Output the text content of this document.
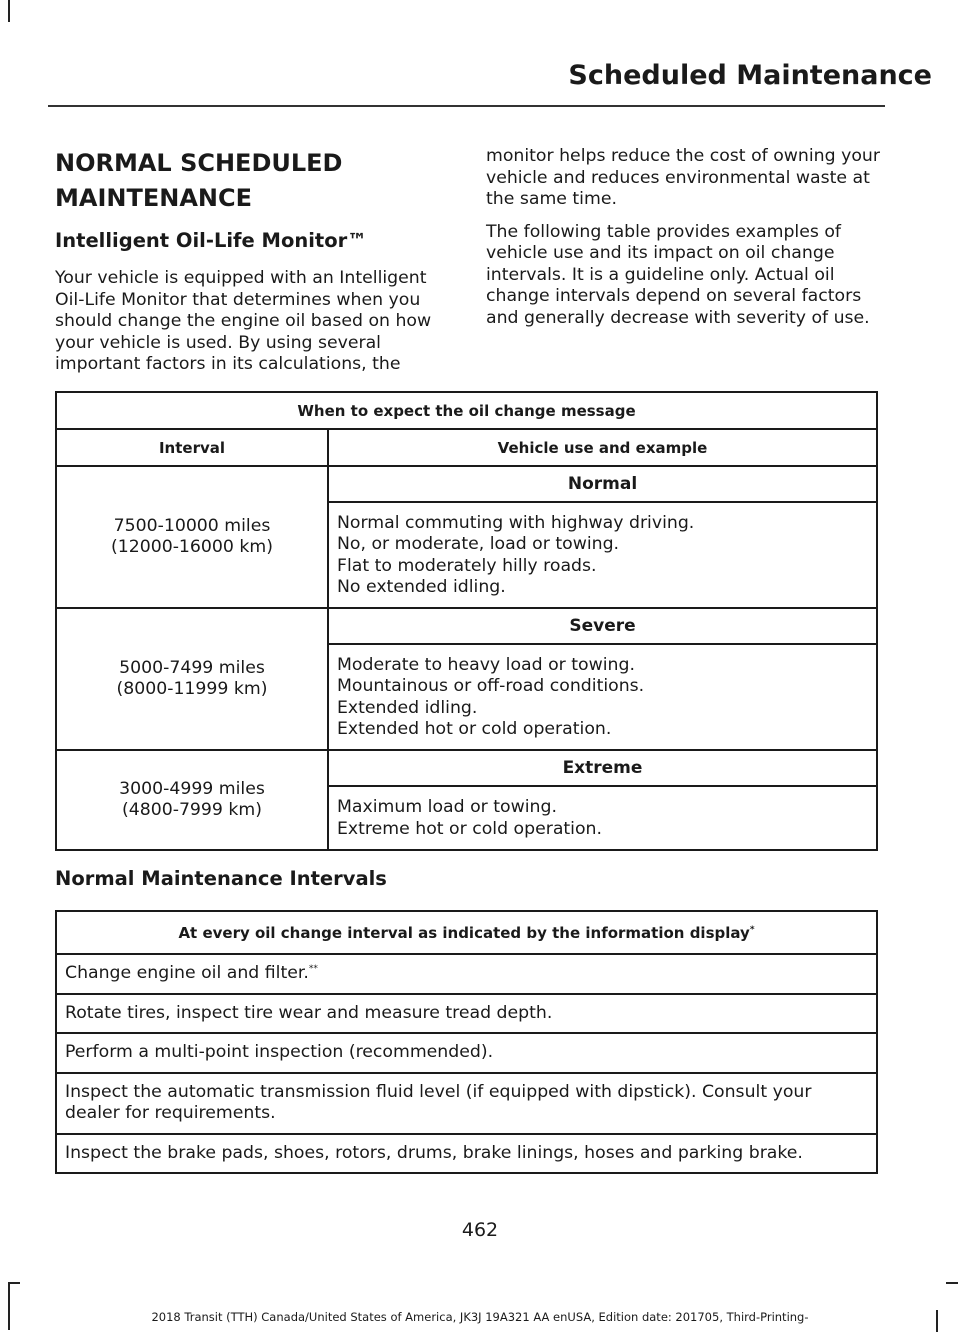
Scheduled Maintenance
NORMAL SCHEDULED
MAINTENANCE
Intelligent Oil-Life Monitor™

Your vehicle is equipped with an Intelligent Oil-Life Monitor that determines when you should change the engine oil based on how your vehicle is used. By using several important factors in its calculations, the

monitor helps reduce the cost of owning your vehicle and reduces environmental waste at the same time.

The following table provides examples of vehicle use and its impact on oil change intervals. It is a guideline only. Actual oil change intervals depend on several factors and generally decrease with severity of use.

When to expect the oil change message	
Interval	Vehicle use and example

7500-10000 miles
(12000-16000 km)	Normal

	Normal commuting with highway driving.
No, or moderate, load or towing.
Flat to moderately hilly roads.
No extended idling.

5000-7499 miles
(8000-11999 km)	Severe

	Moderate to heavy load or towing.
Mountainous or off-road conditions.
Extended idling.
Extended hot or cold operation.

3000-4999 miles
(4800-7999 km)	Extreme

	Maximum load or towing.
Extreme hot or cold operation.
Normal Maintenance Intervals
At every oil change interval as indicated by the information display*
Change engine oil and filter.**
Rotate tires, inspect tire wear and measure tread depth.
Perform a multi-point inspection (recommended).
Inspect the automatic transmission fluid level (if equipped with dipstick). Consult your dealer for requirements.
Inspect the brake pads, shoes, rotors, drums, brake linings, hoses and parking brake.
462
2018 Transit (TTH) Canada/United States of America, JK3J 19A321 AA enUSA, Edition date: 201705, Third-Printing-
